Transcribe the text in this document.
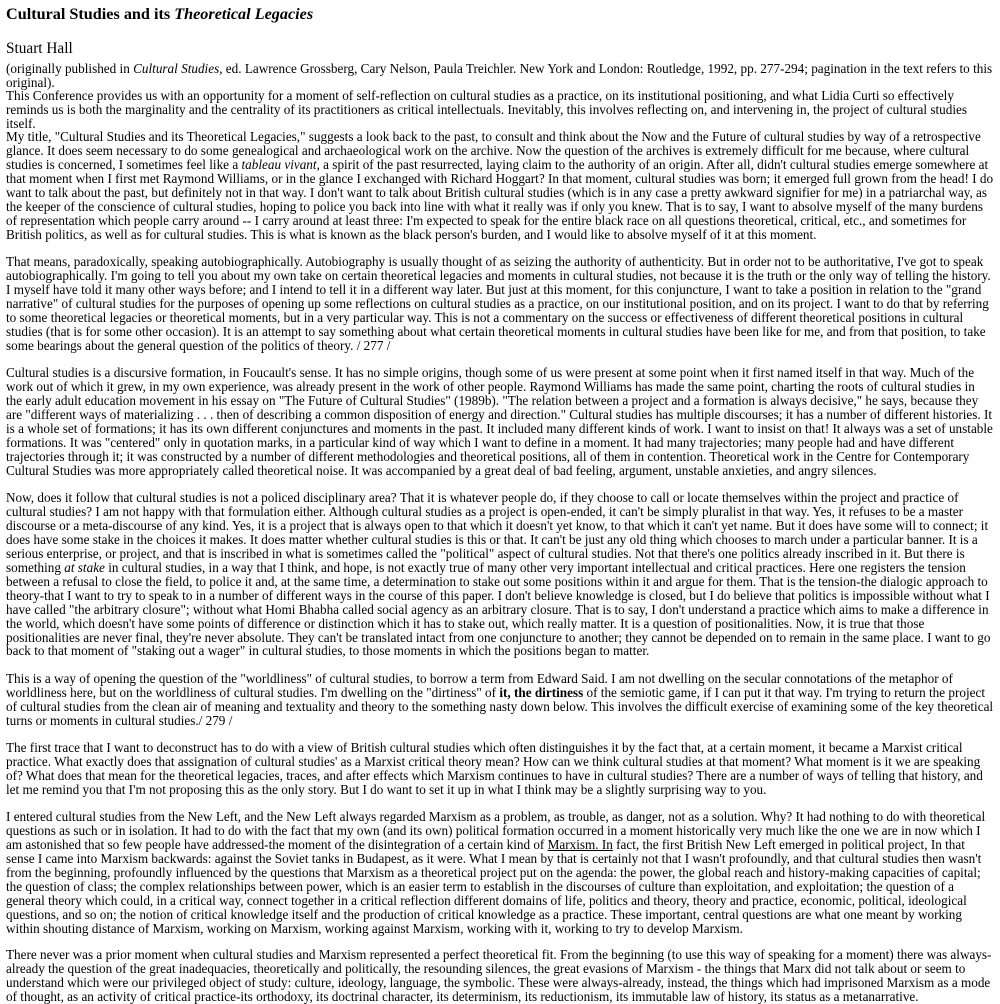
Cultural Studies and its Theoretical Legacies
Stuart Hall

(originally published in Cultural Studies, ed. Lawrence Grossberg, Cary Nelson, Paula Treichler. New York and London: Routledge, 1992, pp. 277-294; pagination in the text refers to this original).

This Conference provides us with an opportunity for a moment of self-reflection on cultural studies as a practice, on its institutional positioning, and what Lidia Curti so effectively reminds us is both the marginality and the centrality of its practitioners as critical intellectuals. Inevitably, this involves reflecting on, and intervening in, the project of cultural studies itself.

My title, "Cultural Studies and its Theoretical Legacies," suggests a look back to the past, to consult and think about the Now and the Future of cultural studies by way of a retrospective glance. It does seem necessary to do some genealogical and archaeological work on the archive. Now the question of the archives is extremely difficult for me because, where cultural studies is concerned, I sometimes feel like a tableau vivant, a spirit of the past resurrected, laying claim to the authority of an origin. After all, didn't cultural studies emerge somewhere at that moment when I first met Raymond Williams, or in the glance I exchanged with Richard Hoggart? In that moment, cultural studies was born; it emerged full grown from the head! I do want to talk about the past, but definitely not in that way. I don't want to talk about British cultural studies (which is in any case a pretty awkward signifier for me) in a patriarchal way, as the keeper of the conscience of cultural studies, hoping to police you back into line with what it really was if only you knew. That is to say, I want to absolve myself of the many burdens of representation which people carry around -- I carry around at least three: I'm expected to speak for the entire black race on all questions theoretical, critical, etc., and sometimes for British politics, as well as for cultural studies. This is what is known as the black person's burden, and I would like to absolve myself of it at this moment.

That means, paradoxically, speaking autobiographically. Autobiography is usually thought of as seizing the authority of authenticity. But in order not to be authoritative, I've got to speak autobiographically. I'm going to tell you about my own take on certain theoretical legacies and moments in cultural studies, not because it is the truth or the only way of telling the history. I myself have told it many other ways before; and I intend to tell it in a different way later. But just at this moment, for this conjuncture, I want to take a position in relation to the "grand narrative" of cultural studies for the purposes of opening up some reflections on cultural studies as a practice, on our institutional position, and on its project. I want to do that by referring to some theoretical legacies or theoretical moments, but in a very particular way. This is not a commentary on the success or effectiveness of different theoretical positions in cultural studies (that is for some other occasion). It is an attempt to say something about what certain theoretical moments in cultural studies have been like for me, and from that position, to take some bearings about the general question of the politics of theory. / 277 /

Cultural studies is a discursive formation, in Foucault's sense. It has no simple origins, though some of us were present at some point when it first named itself in that way. Much of the work out of which it grew, in my own experience, was already present in the work of other people. Raymond Williams has made the same point, charting the roots of cultural studies in the early adult education movement in his essay on "The Future of Cultural Studies" (1989b). "The relation between a project and a formation is always decisive," he says, because they are "different ways of materializing . . . then of describing a common disposition of energy and direction." Cultural studies has multiple discourses; it has a number of different histories. It is a whole set of formations; it has its own different conjunctures and moments in the past. It included many different kinds of work. I want to insist on that! It always was a set of unstable formations. It was "centered" only in quotation marks, in a particular kind of way which I want to define in a moment. It had many trajectories; many people had and have different trajectories through it; it was constructed by a number of different methodologies and theoretical positions, all of them in contention. Theoretical work in the Centre for Contemporary Cultural Studies was more appropriately called theoretical noise. It was accompanied by a great deal of bad feeling, argument, unstable anxieties, and angry silences.

Now, does it follow that cultural studies is not a policed disciplinary area? That it is whatever people do, if they choose to call or locate themselves within the project and practice of cultural studies? I am not happy with that formulation either. Although cultural studies as a project is open-ended, it can't be simply pluralist in that way. Yes, it refuses to be a master discourse or a meta-discourse of any kind. Yes, it is a project that is always open to that which it doesn't yet know, to that which it can't yet name. But it does have some will to connect; it does have some stake in the choices it makes. It does matter whether cultural studies is this or that. It can't be just any old thing which chooses to march under a particular banner. It is a serious enterprise, or project, and that is inscribed in what is sometimes called the "political" aspect of cultural studies. Not that there's one politics already inscribed in it. But there is something at stake in cultural studies, in a way that I think, and hope, is not exactly true of many other very important intellectual and critical practices. Here one registers the tension between a refusal to close the field, to police it and, at the same time, a determination to stake out some positions within it and argue for them. That is the tension-the dialogic approach to theory-that I want to try to speak to in a number of different ways in the course of this paper. I don't believe knowledge is closed, but I do believe that politics is impossible without what I have called "the arbitrary closure"; without what Homi Bhabha called social agency as an arbitrary closure. That is to say, I don't understand a practice which aims to make a difference in the world, which doesn't have some points of difference or distinction which it has to stake out, which really matter. It is a question of positionalities. Now, it is true that those positionalities are never final, they're never absolute. They can't be translated intact from one conjuncture to another; they cannot be depended on to remain in the same place. I want to go back to that moment of "staking out a wager" in cultural studies, to those moments in which the positions began to matter.

This is a way of opening the question of the "worldliness" of cultural studies, to borrow a term from Edward Said. I am not dwelling on the secular connotations of the metaphor of worldliness here, but on the worldliness of cultural studies. I'm dwelling on the "dirtiness" of it, the dirtiness of the semiotic game, if I can put it that way. I'm trying to return the project of cultural studies from the clean air of meaning and textuality and theory to the something nasty down below. This involves the difficult exercise of examining some of the key theoretical turns or moments in cultural studies./ 279 /

The first trace that I want to deconstruct has to do with a view of British cultural studies which often distinguishes it by the fact that, at a certain moment, it became a Marxist critical practice. What exactly does that assignation of cultural studies' as a Marxist critical theory mean? How can we think cultural studies at that moment? What moment is it we are speaking of? What does that mean for the theoretical legacies, traces, and after effects which Marxism continues to have in cultural studies? There are a number of ways of telling that history, and let me remind you that I'm not proposing this as the only story. But I do want to set it up in what I think may be a slightly surprising way to you.

I entered cultural studies from the New Left, and the New Left always regarded Marxism as a problem, as trouble, as danger, not as a solution. Why? It had nothing to do with theoretical questions as such or in isolation. It had to do with the fact that my own (and its own) political formation occurred in a moment historically very much like the one we are in now which I am astonished that so few people have addressed-the moment of the disintegration of a certain kind of Marxism. In fact, the first British New Left emerged in political project, In that sense I came into Marxism backwards: against the Soviet tanks in Budapest, as it were. What I mean by that is certainly not that I wasn't profoundly, and that cultural studies then wasn't from the beginning, profoundly influenced by the questions that Marxism as a theoretical project put on the agenda: the power, the global reach and history-making capacities of capital; the question of class; the complex relationships between power, which is an easier term to establish in the discourses of culture than exploitation, and exploitation; the question of a general theory which could, in a critical way, connect together in a critical reflection different domains of life, politics and theory, theory and practice, economic, political, ideological questions, and so on; the notion of critical knowledge itself and the production of critical knowledge as a practice. These important, central questions are what one meant by working within shouting distance of Marxism, working on Marxism, working against Marxism, working with it, working to try to develop Marxism.

There never was a prior moment when cultural studies and Marxism represented a perfect theoretical fit. From the beginning (to use this way of speaking for a moment) there was always-already the question of the great inadequacies, theoretically and politically, the resounding silences, the great evasions of Marxism - the things that Marx did not talk about or seem to understand which were our privileged object of study: culture, ideology, language, the symbolic. These were always-already, instead, the things which had imprisoned Marxism as a mode of thought, as an activity of critical practice-its orthodoxy, its doctrinal character, its determinism, its reductionism, its immutable law of history, its status as a metanarrative.
